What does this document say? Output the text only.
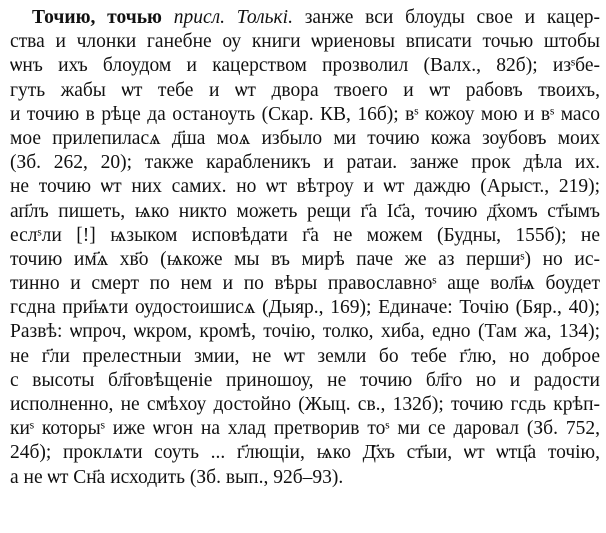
Точию, точью присл. Толькі. занже вси блоуды свое и кацер-
ства и члонки ганебне оу книги ѡриеновы вписати точью штобы
ѡнъ ихъ блоудом и кацерством прозволил (Валх., 82б); изˢбе-
гуть жабы ѡт тебе и ѡт двора твоего и ѡт рабовъ твоихъ,
и точию в рѣце да останоуть (Скар. КВ, 16б); вˢ кожоу мою и вˢ масо
мое прилепиласѧ д҃ша моѧ избыло ми точию кожа зоубовъ моих
(Зб. 262, 20); также карабленикъ и ратаи. занже прок дѣла их.
не точию ѡт них самих. но ѡт вѣтроу и ѡт даждю (Арыст., 219);
ап҃лъ пишеть, ѩко никто можеть рещи г҃а Іс҃а, точию д҃хомъ ст҃ымъ
еслˢли [!] ѩзыком исповѣдати г҃а не можем (Будны, 155б); не
точию им҃ѧ хв҃о (ѩкоже мы въ мирѣ паче же аз першиˢ) но ис-
тинно и смерт по нем и по вѣры православноˢ аще вол҃ѩ боудет
гсдна при҃ѩти оудостоишисѧ (Дыяр., 169); Единаче: Точію (Бяр., 40);
Развѣ: ѡпроч, ѡкром, кромѣ, точію, толко, хиба, едно (Там жа, 134);
не г҃ли прелестныи змии, не ѡт земли бо тебе г҃лю, но доброе
с высоты бл҃говѣщеніе приношоу, не точию бл҃го но и радости
исполненно, не смѣхоу достойно (Жыц. св., 132б); точию гсдь крѣп-
киˢ которыˢ иже ѡгон на хлад претворив тоˢ ми се даровал (Зб. 752,
24б); проклѧти соуть ... г҃лющіи, ѩко Д҃хъ ст҃ыи, ѡт ѡтц҃а точію,
а не ѡт Сн҃а исходить (Зб. вып., 92б–93).
